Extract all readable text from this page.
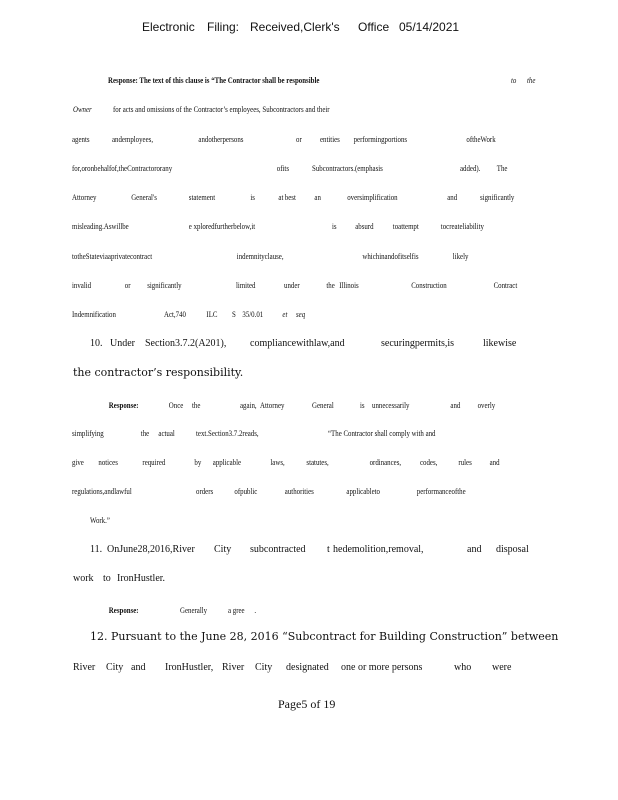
Electronic Filing: Received,Clerk's Office 05/14/2021
Response: The text of this clause is “The Contractor shall be responsible	to the
Owner for acts and omissions of the Contractor’s employees, Subcontractors and their
agents	andemployees,	andotherpersons	or entities performingportions	oftheWork
for,oronbehalfof,theContractororany	ofits	Subcontractors.(emphasis	added). The
Attorney	General's	statement	is	at best an	oversimplification	and	significantly
misleading.Aswillbe	e xploredfurtherbelow,it	is absurd toattempt	tocreateliability
totheStateviaaprivatecontract	indemnityclause,	whichinandofitselfis	likely
invalid	or significantly	limited	under	the Illinois	Construction	Contract
Indemnification	Act,740 ILC S 35/0.01 et seq
10. Under Section3.7.2(A201), compliancewithlaw,and	securingpermits,is	likewise
the contractor’s responsibility.
Response:	Once	again,
the	Attorney	General	is unnecessarily	and overly
simplifying	the actual text.Section3.7.2reads,	“The Contractor shall comply with and
give notices	required	by applicable	laws,	statutes,	ordinances, codes, rules and
regulations,andlawful	orders ofpublic	authorities	applicableto	performanceofthe
Work.”
11. OnJune28,2016,River City subcontracted t hedemolition,removal,	and disposal
work to IronHustler.
Response:	Generally a gree .
12. Pursuant to the June 28, 2016 “Subcontract for Building Construction” between
River City and IronHustler, River City designated one or more persons	who were
Page5 of 19
